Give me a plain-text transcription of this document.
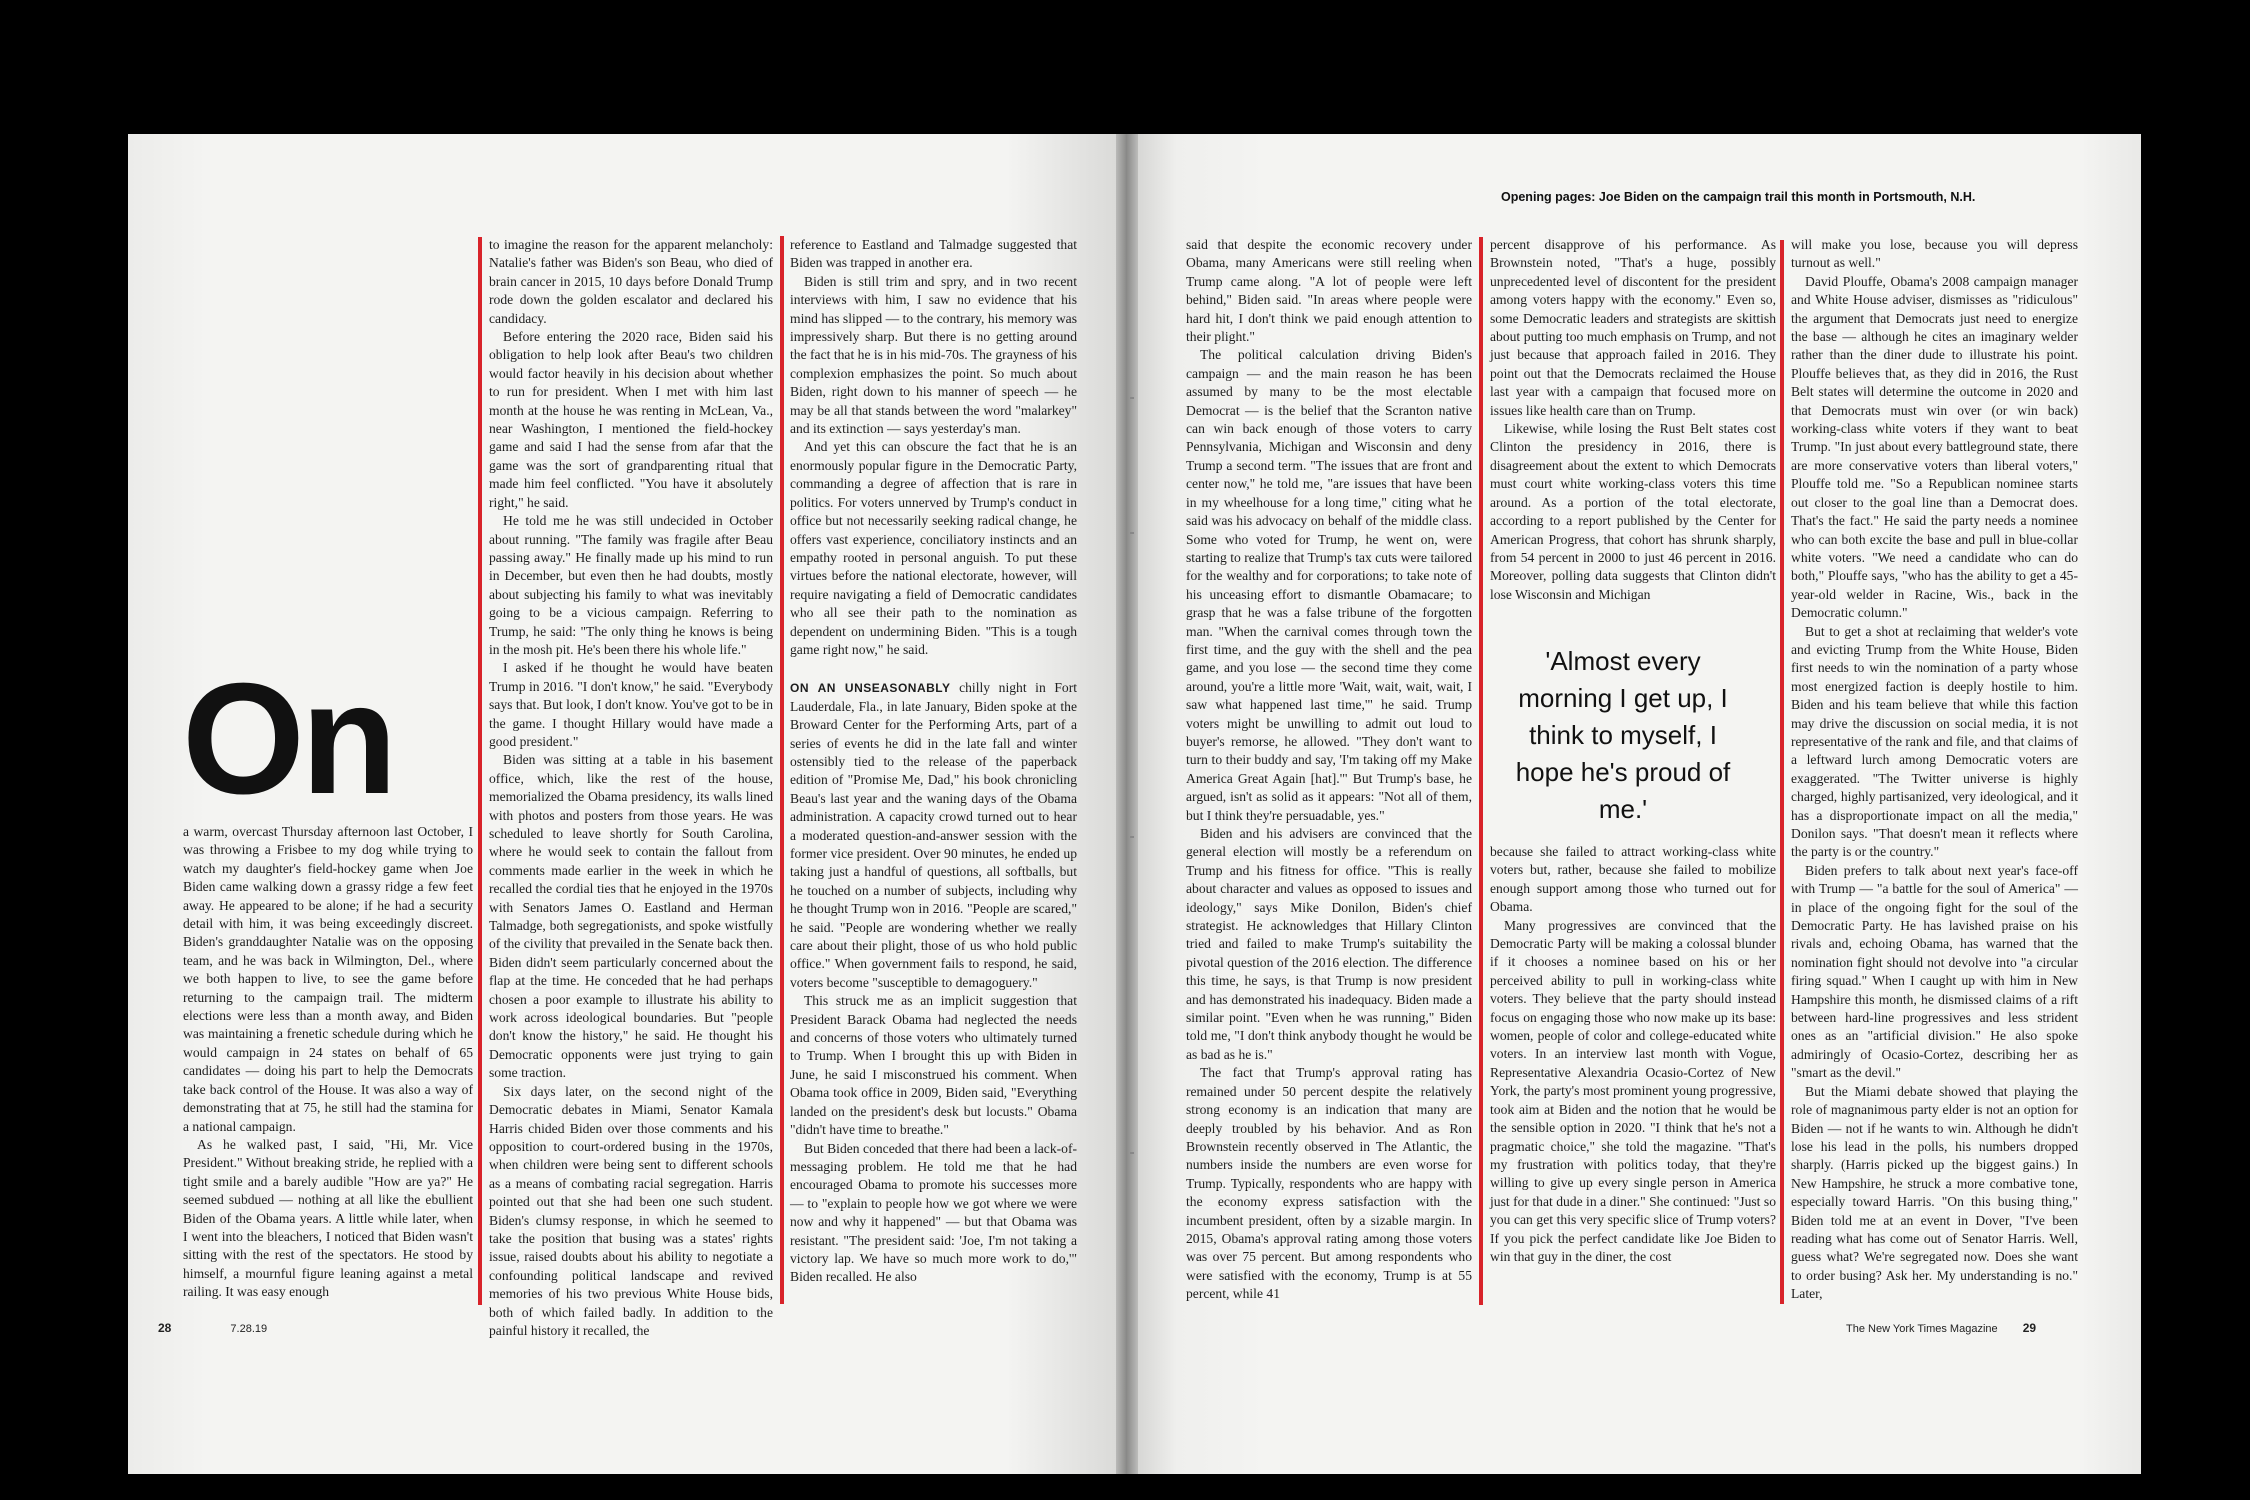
On

a warm, overcast Thursday afternoon last October, I was throwing a Frisbee to my dog while trying to watch my daughter's field-hockey game when Joe Biden came walking down a grassy ridge a few feet away. He appeared to be alone; if he had a security detail with him, it was being exceedingly discreet. Biden's granddaughter Natalie was on the opposing team, and he was back in Wilmington, Del., where we both happen to live, to see the game before returning to the campaign trail. The midterm elections were less than a month away, and Biden was maintaining a frenetic schedule during which he would campaign in 24 states on behalf of 65 candidates — doing his part to help the Democrats take back control of the House. It was also a way of demonstrating that at 75, he still had the stamina for a national campaign.

As he walked past, I said, "Hi, Mr. Vice President." Without breaking stride, he replied with a tight smile and a barely audible "How are ya?" He seemed subdued — nothing at all like the ebullient Biden of the Obama years. A little while later, when I went into the bleachers, I noticed that Biden wasn't sitting with the rest of the spectators. He stood by himself, a mournful figure leaning against a metal railing. It was easy enough

to imagine the reason for the apparent melancholy: Natalie's father was Biden's son Beau, who died of brain cancer in 2015, 10 days before Donald Trump rode down the golden escalator and declared his candidacy.

Before entering the 2020 race, Biden said his obligation to help look after Beau's two children would factor heavily in his decision about whether to run for president. When I met with him last month at the house he was renting in McLean, Va., near Washington, I mentioned the field-hockey game and said I had the sense from afar that the game was the sort of grandparenting ritual that made him feel conflicted. "You have it absolutely right," he said.

He told me he was still undecided in October about running. "The family was fragile after Beau passing away." He finally made up his mind to run in December, but even then he had doubts, mostly about subjecting his family to what was inevitably going to be a vicious campaign. Referring to Trump, he said: "The only thing he knows is being in the mosh pit. He's been there his whole life."

I asked if he thought he would have beaten Trump in 2016. "I don't know," he said. "Everybody says that. But look, I don't know. You've got to be in the game. I thought Hillary would have made a good president."

Biden was sitting at a table in his basement office, which, like the rest of the house, memorialized the Obama presidency, its walls lined with photos and posters from those years. He was scheduled to leave shortly for South Carolina, where he would seek to contain the fallout from comments made earlier in the week in which he recalled the cordial ties that he enjoyed in the 1970s with Senators James O. Eastland and Herman Talmadge, both segregationists, and spoke wistfully of the civility that prevailed in the Senate back then. Biden didn't seem particularly concerned about the flap at the time. He conceded that he had perhaps chosen a poor example to illustrate his ability to work across ideological boundaries. But "people don't know the history," he said. He thought his Democratic opponents were just trying to gain some traction.

Six days later, on the second night of the Democratic debates in Miami, Senator Kamala Harris chided Biden over those comments and his opposition to court-ordered busing in the 1970s, when children were being sent to different schools as a means of combating racial segregation. Harris pointed out that she had been one such student. Biden's clumsy response, in which he seemed to take the position that busing was a states' rights issue, raised doubts about his ability to negotiate a confounding political landscape and revived memories of his two previous White House bids, both of which failed badly. In addition to the painful history it recalled, the

reference to Eastland and Talmadge suggested that Biden was trapped in another era.

Biden is still trim and spry, and in two recent interviews with him, I saw no evidence that his mind has slipped — to the contrary, his memory was impressively sharp. But there is no getting around the fact that he is in his mid-70s. The grayness of his complexion emphasizes the point. So much about Biden, right down to his manner of speech — he may be all that stands between the word "malarkey" and its extinction — says yesterday's man.

And yet this can obscure the fact that he is an enormously popular figure in the Democratic Party, commanding a degree of affection that is rare in politics. For voters unnerved by Trump's conduct in office but not necessarily seeking radical change, he offers vast experience, conciliatory instincts and an empathy rooted in personal anguish. To put these virtues before the national electorate, however, will require navigating a field of Democratic candidates who all see their path to the nomination as dependent on undermining Biden. "This is a tough game right now," he said.

ON AN UNSEASONABLY chilly night in Fort Lauderdale, Fla., in late January, Biden spoke at the Broward Center for the Performing Arts, part of a series of events he did in the late fall and winter ostensibly tied to the release of the paperback edition of "Promise Me, Dad," his book chronicling Beau's last year and the waning days of the Obama administration. A capacity crowd turned out to hear a moderated question-and-answer session with the former vice president. Over 90 minutes, he ended up taking just a handful of questions, all softballs, but he touched on a number of subjects, including why he thought Trump won in 2016. "People are scared," he said. "People are wondering whether we really care about their plight, those of us who hold public office." When government fails to respond, he said, voters become "susceptible to demagoguery."

This struck me as an implicit suggestion that President Barack Obama had neglected the needs and concerns of those voters who ultimately turned to Trump. When I brought this up with Biden in June, he said I misconstrued his comment. When Obama took office in 2009, Biden said, "Everything landed on the president's desk but locusts." Obama "didn't have time to breathe."

But Biden conceded that there had been a lack-of-messaging problem. He told me that he had encouraged Obama to promote his successes more — to "explain to people how we got where we were now and why it happened" — but that Obama was resistant. "The president said: 'Joe, I'm not taking a victory lap. We have so much more work to do,'" Biden recalled. He also

28	7.28.19
Opening pages: Joe Biden on the campaign trail this month in Portsmouth, N.H.

said that despite the economic recovery under Obama, many Americans were still reeling when Trump came along. "A lot of people were left behind," Biden said. "In areas where people were hard hit, I don't think we paid enough attention to their plight."

The political calculation driving Biden's campaign — and the main reason he has been assumed by many to be the most electable Democrat — is the belief that the Scranton native can win back enough of those voters to carry Pennsylvania, Michigan and Wisconsin and deny Trump a second term. "The issues that are front and center now," he told me, "are issues that have been in my wheelhouse for a long time," citing what he said was his advocacy on behalf of the middle class. Some who voted for Trump, he went on, were starting to realize that Trump's tax cuts were tailored for the wealthy and for corporations; to take note of his unceasing effort to dismantle Obamacare; to grasp that he was a false tribune of the forgotten man. "When the carnival comes through town the first time, and the guy with the shell and the pea game, and you lose — the second time they come around, you're a little more 'Wait, wait, wait, wait, I saw what happened last time,'" he said. Trump voters might be unwilling to admit out loud to buyer's remorse, he allowed. "They don't want to turn to their buddy and say, 'I'm taking off my Make America Great Again [hat].'" But Trump's base, he argued, isn't as solid as it appears: "Not all of them, but I think they're persuadable, yes."

Biden and his advisers are convinced that the general election will mostly be a referendum on Trump and his fitness for office. "This is really about character and values as opposed to issues and ideology," says Mike Donilon, Biden's chief strategist. He acknowledges that Hillary Clinton tried and failed to make Trump's suitability the pivotal question of the 2016 election. The difference this time, he says, is that Trump is now president and has demonstrated his inadequacy. Biden made a similar point. "Even when he was running," Biden told me, "I don't think anybody thought he would be as bad as he is."

The fact that Trump's approval rating has remained under 50 percent despite the relatively strong economy is an indication that many are deeply troubled by his behavior. And as Ron Brownstein recently observed in The Atlantic, the numbers inside the numbers are even worse for Trump. Typically, respondents who are happy with the economy express satisfaction with the incumbent president, often by a sizable margin. In 2015, Obama's approval rating among those voters was over 75 percent. But among respondents who were satisfied with the economy, Trump is at 55 percent, while 41

percent disapprove of his performance. As Brownstein noted, "That's a huge, possibly unprecedented level of discontent for the president among voters happy with the economy." Even so, some Democratic leaders and strategists are skittish about putting too much emphasis on Trump, and not just because that approach failed in 2016. They point out that the Democrats reclaimed the House last year with a campaign that focused more on issues like health care than on Trump.

Likewise, while losing the Rust Belt states cost Clinton the presidency in 2016, there is disagreement about the extent to which Democrats must court white working-class voters this time around. As a portion of the total electorate, according to a report published by the Center for American Progress, that cohort has shrunk sharply, from 54 percent in 2000 to just 46 percent in 2016. Moreover, polling data suggests that Clinton didn't lose Wisconsin and Michigan

'Almost every morning I get up, I think to myself, I hope he's proud of me.'

because she failed to attract working-class white voters but, rather, because she failed to mobilize enough support among those who turned out for Obama.

Many progressives are convinced that the Democratic Party will be making a colossal blunder if it chooses a nominee based on his or her perceived ability to pull in working-class white voters. They believe that the party should instead focus on engaging those who now make up its base: women, people of color and college-educated white voters. In an interview last month with Vogue, Representative Alexandria Ocasio-Cortez of New York, the party's most prominent young progressive, took aim at Biden and the notion that he would be the sensible option in 2020. "I think that he's not a pragmatic choice," she told the magazine. "That's my frustration with politics today, that they're willing to give up every single person in America just for that dude in a diner." She continued: "Just so you can get this very specific slice of Trump voters? If you pick the perfect candidate like Joe Biden to win that guy in the diner, the cost

will make you lose, because you will depress turnout as well."

David Plouffe, Obama's 2008 campaign manager and White House adviser, dismisses as "ridiculous" the argument that Democrats just need to energize the base — although he cites an imaginary welder rather than the diner dude to illustrate his point. Plouffe believes that, as they did in 2016, the Rust Belt states will determine the outcome in 2020 and that Democrats must win over (or win back) working-class white voters if they want to beat Trump. "In just about every battleground state, there are more conservative voters than liberal voters," Plouffe told me. "So a Republican nominee starts out closer to the goal line than a Democrat does. That's the fact." He said the party needs a nominee who can both excite the base and pull in blue-collar white voters. "We need a candidate who can do both," Plouffe says, "who has the ability to get a 45-year-old welder in Racine, Wis., back in the Democratic column."

But to get a shot at reclaiming that welder's vote and evicting Trump from the White House, Biden first needs to win the nomination of a party whose most energized faction is deeply hostile to him. Biden and his team believe that while this faction may drive the discussion on social media, it is not representative of the rank and file, and that claims of a leftward lurch among Democratic voters are exaggerated. "The Twitter universe is highly charged, highly partisanized, very ideological, and it has a disproportionate impact on all the media," Donilon says. "That doesn't mean it reflects where the party is or the country."

Biden prefers to talk about next year's face-off with Trump — "a battle for the soul of America" — in place of the ongoing fight for the soul of the Democratic Party. He has lavished praise on his rivals and, echoing Obama, has warned that the nomination fight should not devolve into "a circular firing squad." When I caught up with him in New Hampshire this month, he dismissed claims of a rift between hard-line progressives and less strident ones as an "artificial division." He also spoke admiringly of Ocasio-Cortez, describing her as "smart as the devil."

But the Miami debate showed that playing the role of magnanimous party elder is not an option for Biden — not if he wants to win. Although he didn't lose his lead in the polls, his numbers dropped sharply. (Harris picked up the biggest gains.) In New Hampshire, he struck a more combative tone, especially toward Harris. "On this busing thing," Biden told me at an event in Dover, "I've been reading what has come out of Senator Harris. Well, guess what? We're segregated now. Does she want to order busing? Ask her. My understanding is no." Later,

The New York Times Magazine 29
